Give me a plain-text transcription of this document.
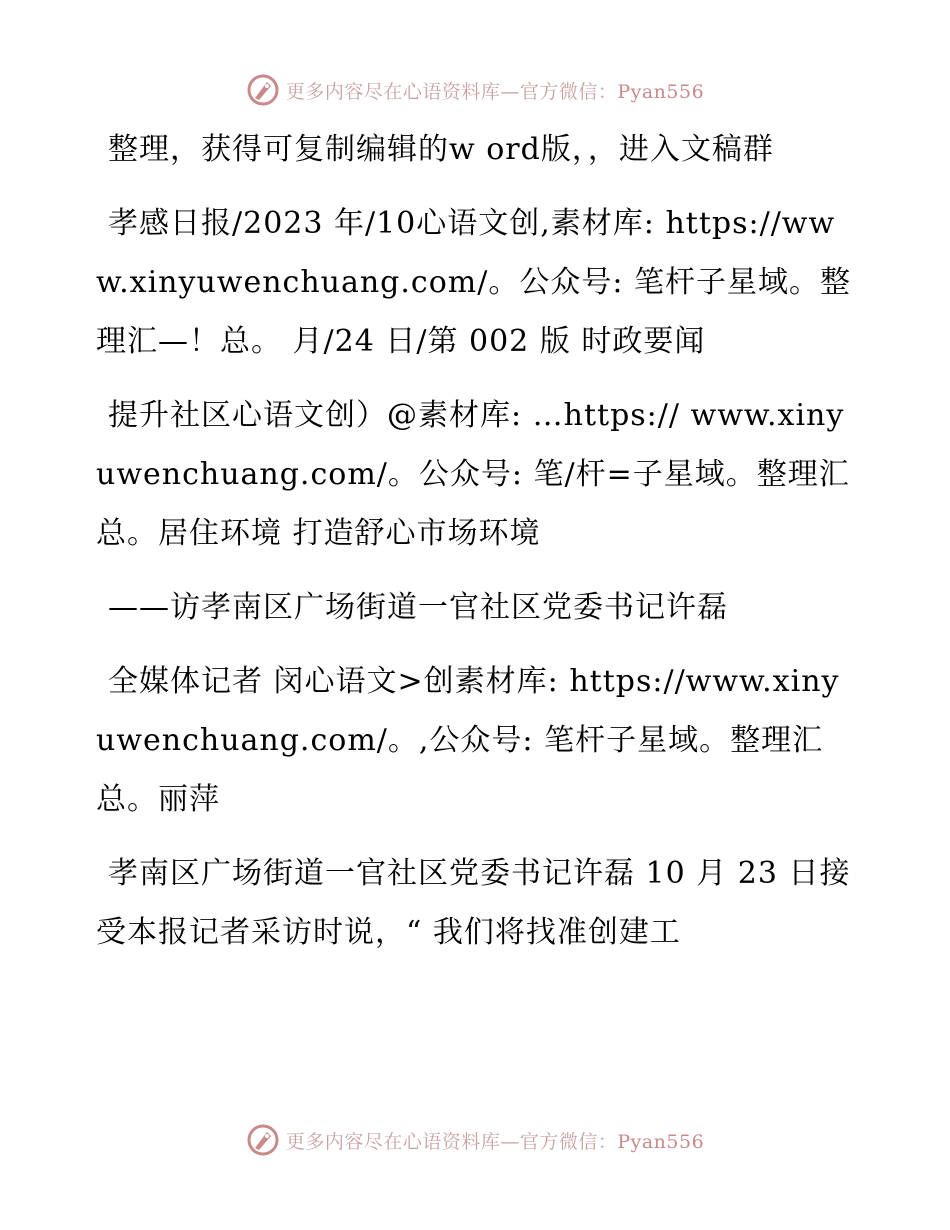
更多内容尽在心语资料库—官方微信：Pyan556

整理，获得可复制编辑的w ord版，，进入文稿群

孝感日报/2023 年/10心语文创,素材库: https://www.xinyuwenchuang.com/。公众号: 笔杆子星域。整理汇—！总。 月/24 日/第 002 版 时政要闻

提升社区心语文创）@素材库: …https:// www.xinyuwenchuang.com/。公众号: 笔/杆=子星域。整理汇总。居住环境 打造舒心市场环境

——访孝南区广场街道一官社区党委书记许磊

全媒体记者 闵心语文>创素材库: https://www.xinyuwenchuang.com/。,公众号: 笔杆子星域。整理汇总。丽萍

孝南区广场街道一官社区党委书记许磊 10 月 23 日接受本报记者采访时说，“ 我们将找准创建工

更多内容尽在心语资料库—官方微信：Pyan556
